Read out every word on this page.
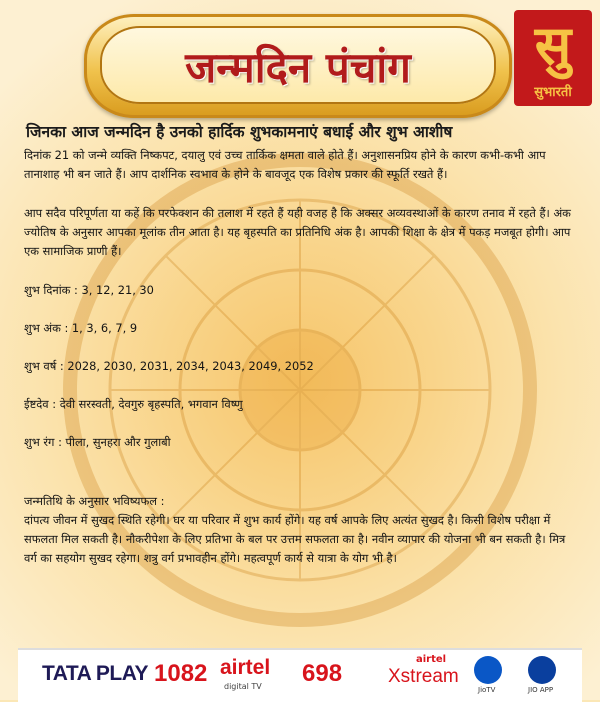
जन्मदिन पंचांग	सु
सुभारती
जिनका आज जन्मदिन है उनको हार्दिक शुभकामनाएं बधाई और शुभ आशीष

दिनांक 21 को जन्मे व्यक्ति निष्कपट, दयालु एवं उच्च तार्किक क्षमता वाले होते हैं। अनुशासनप्रिय होने के कारण कभी-कभी आप तानाशाह भी बन जाते हैं। आप दार्शनिक स्वभाव के होने के बावजूद एक विशेष प्रकार की स्फूर्ति रखते हैं।

आप सदैव परिपूर्णता या कहें कि परफेक्शन की तलाश में रहते हैं यही वजह है कि अक्सर अव्यवस्थाओं के कारण तनाव में रहते हैं। अंक ज्योतिष के अनुसार आपका मूलांक तीन आता है। यह बृहस्पति का प्रतिनिधि अंक है। आपकी शिक्षा के क्षेत्र में पकड़ मजबूत होगी। आप एक सामाजिक प्राणी हैं।

शुभ दिनांक : 3, 12, 21, 30

शुभ अंक : 1, 3, 6, 7, 9

शुभ वर्ष : 2028, 2030, 2031, 2034, 2043, 2049, 2052

ईष्टदेव : देवी सरस्वती, देवगुरु बृहस्पति, भगवान विष्णु

शुभ रंग : पीला, सुनहरा और गुलाबी

जन्मतिथि के अनुसार भविष्यफल :

दांपत्य जीवन में सुखद स्थिति रहेगी। घर या परिवार में शुभ कार्य होंगे। यह वर्ष आपके लिए अत्यंत सुखद है। किसी विशेष परीक्षा में सफलता मिल सकती है। नौकरीपेशा के लिए प्रतिभा के बल पर उत्तम सफलता का है। नवीन व्यापार की योजना भी बन सकती है। मित्र वर्ग का सहयोग सुखद रहेगा। शत्रु वर्ग प्रभावहीन होंगे। महत्वपूर्ण कार्य से यात्रा के योग भी है।

TATA PLAY 1082 airtel
digital TV 698
airtel
Xstream
JioTV	JIO APP
